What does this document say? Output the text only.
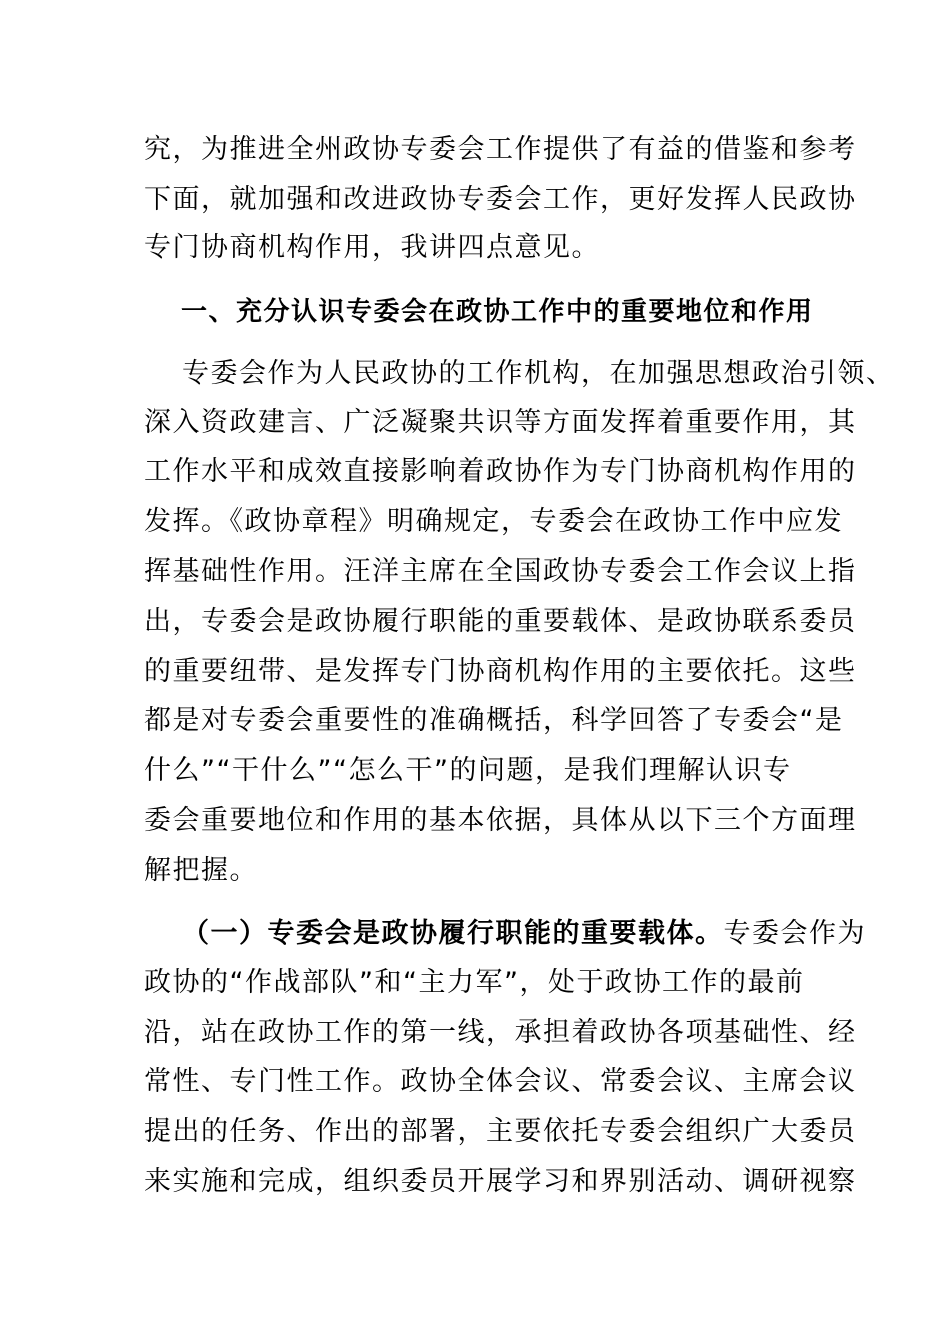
究，为推进全州政协专委会工作提供了有益的借鉴和参考
下面，就加强和改进政协专委会工作，更好发挥人民政协
专门协商机构作用，我讲四点意见。
一、充分认识专委会在政协工作中的重要地位和作用
专委会作为人民政协的工作机构，在加强思想政治引领、
深入资政建言、广泛凝聚共识等方面发挥着重要作用，其
工作水平和成效直接影响着政协作为专门协商机构作用的
发挥。《政协章程》明确规定，专委会在政协工作中应发
挥基础性作用。汪洋主席在全国政协专委会工作会议上指
出，专委会是政协履行职能的重要载体、是政协联系委员
的重要纽带、是发挥专门协商机构作用的主要依托。这些
都是对专委会重要性的准确概括，科学回答了专委会“是
什么”“干什么”“怎么干”的问题，是我们理解认识专
委会重要地位和作用的基本依据，具体从以下三个方面理
解把握。
（一）专委会是政协履行职能的重要载体。专委会作为
政协的“作战部队”和“主力军”，处于政协工作的最前
沿，站在政协工作的第一线，承担着政协各项基础性、经
常性、专门性工作。政协全体会议、常委会议、主席会议
提出的任务、作出的部署，主要依托专委会组织广大委员
来实施和完成，组织委员开展学习和界别活动、调研视察
